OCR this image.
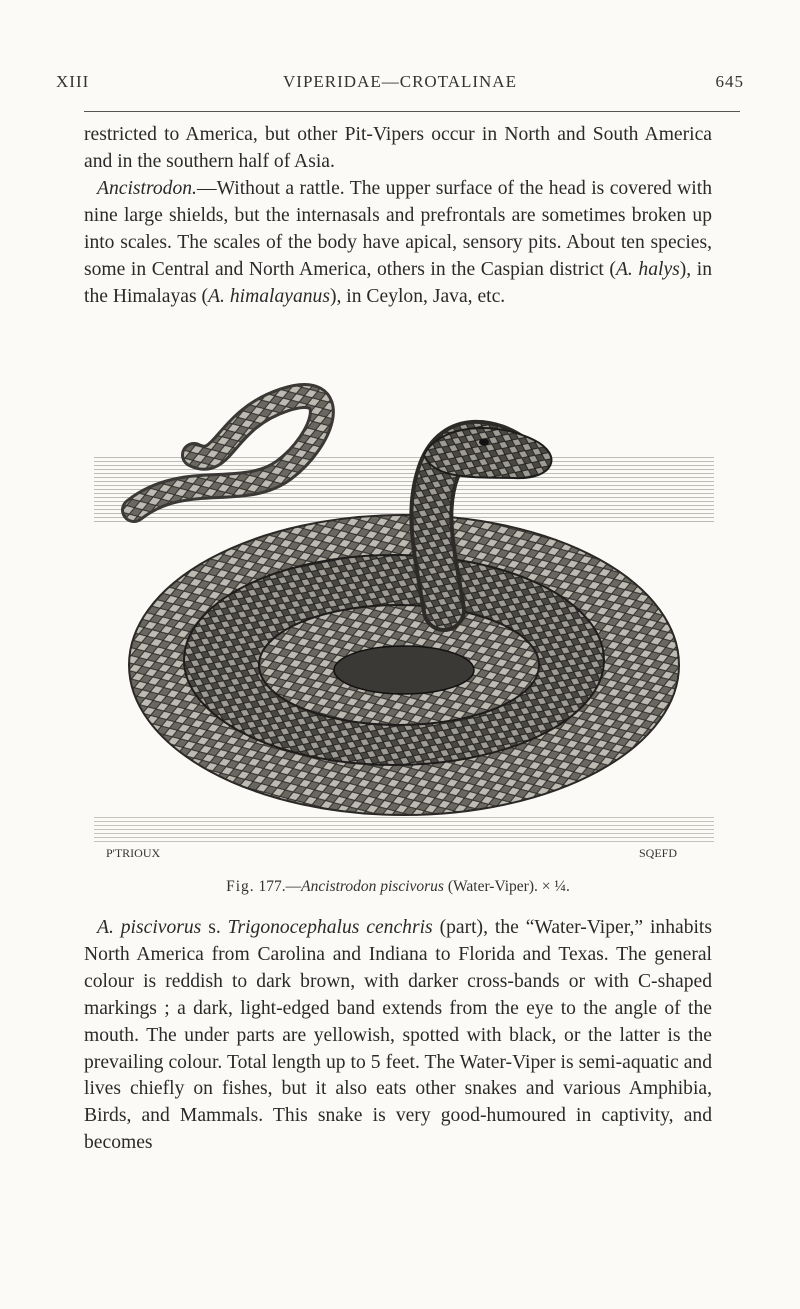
XIII	VIPERIDAE—CROTALINAE	645

restricted to America, but other Pit-Vipers occur in North and South America and in the southern half of Asia.

Ancistrodon.—Without a rattle. The upper surface of the head is covered with nine large shields, but the internasals and prefrontals are sometimes broken up into scales. The scales of the body have apical, sensory pits. About ten species, some in Central and North America, others in the Caspian district (A. halys), in the Himalayas (A. himalayanus), in Ceylon, Java, etc.

P'TRIOUX	SQEFD
Fig. 177.—Ancistrodon piscivorus (Water-Viper). × ¼.

A. piscivorus s. Trigonocephalus cenchris (part), the “Water-Viper,” inhabits North America from Carolina and Indiana to Florida and Texas. The general colour is reddish to dark brown, with darker cross-bands or with C-shaped markings ; a dark, light-edged band extends from the eye to the angle of the mouth. The under parts are yellowish, spotted with black, or the latter is the prevailing colour. Total length up to 5 feet. The Water-Viper is semi-aquatic and lives chiefly on fishes, but it also eats other snakes and various Amphibia, Birds, and Mammals. This snake is very good-humoured in captivity, and becomes
